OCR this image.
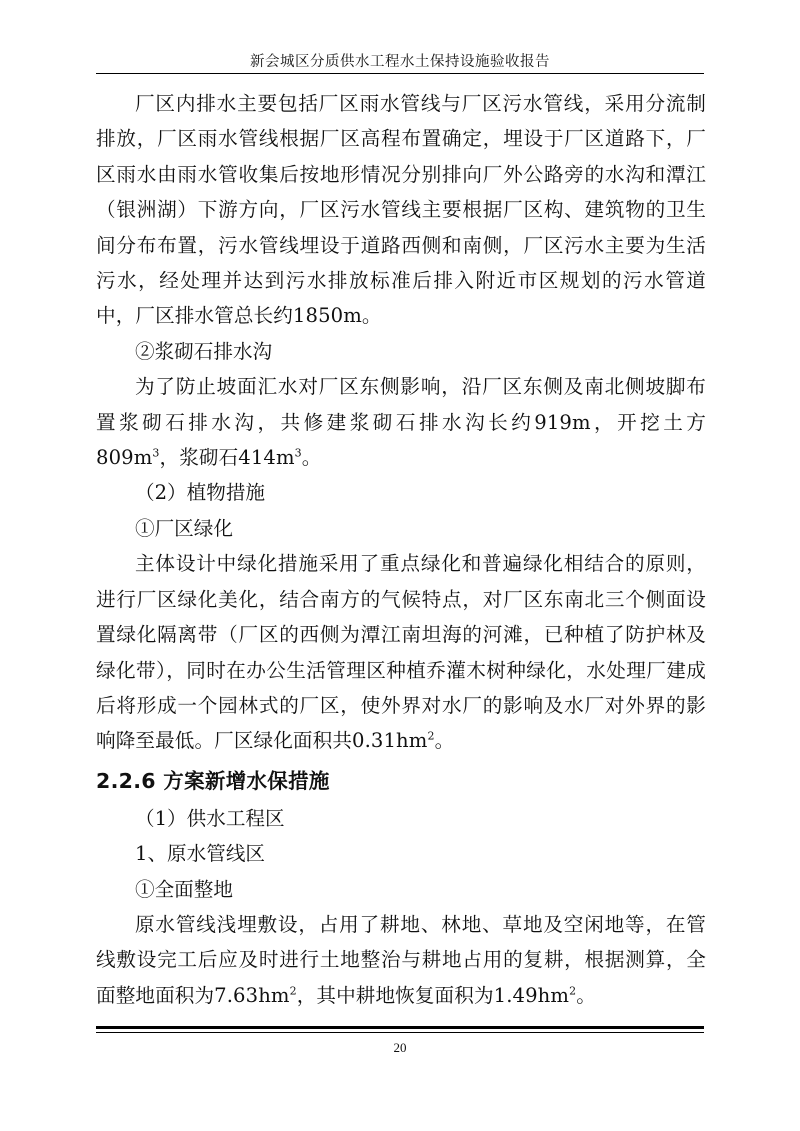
新会城区分质供水工程水土保持设施验收报告

厂区内排水主要包括厂区雨水管线与厂区污水管线，采用分流制排放，厂区雨水管线根据厂区高程布置确定，埋设于厂区道路下，厂区雨水由雨水管收集后按地形情况分别排向厂外公路旁的水沟和潭江（银洲湖）下游方向，厂区污水管线主要根据厂区构、建筑物的卫生间分布布置，污水管线埋设于道路西侧和南侧，厂区污水主要为生活污水，经处理并达到污水排放标准后排入附近市区规划的污水管道中，厂区排水管总长约1850m。

②浆砌石排水沟

为了防止坡面汇水对厂区东侧影响，沿厂区东侧及南北侧坡脚布置浆砌石排水沟，共修建浆砌石排水沟长约919m，开挖土方$809m^3$，浆砌石$414m^3$。

（2）植物措施

①厂区绿化

主体设计中绿化措施采用了重点绿化和普遍绿化相结合的原则，进行厂区绿化美化，结合南方的气候特点，对厂区东南北三个侧面设置绿化隔离带（厂区的西侧为潭江南坦海的河滩，已种植了防护林及绿化带），同时在办公生活管理区种植乔灌木树种绿化，水处理厂建成后将形成一个园林式的厂区，使外界对水厂的影响及水厂对外界的影响降至最低。厂区绿化面积共$0.31hm^2$。

2.2.6 方案新增水保措施

（1）供水工程区

1、原水管线区

①全面整地

原水管线浅埋敷设，占用了耕地、林地、草地及空闲地等，在管线敷设完工后应及时进行土地整治与耕地占用的复耕，根据测算，全面整地面积为$7.63hm^2$，其中耕地恢复面积为$1.49hm^2$。

20
